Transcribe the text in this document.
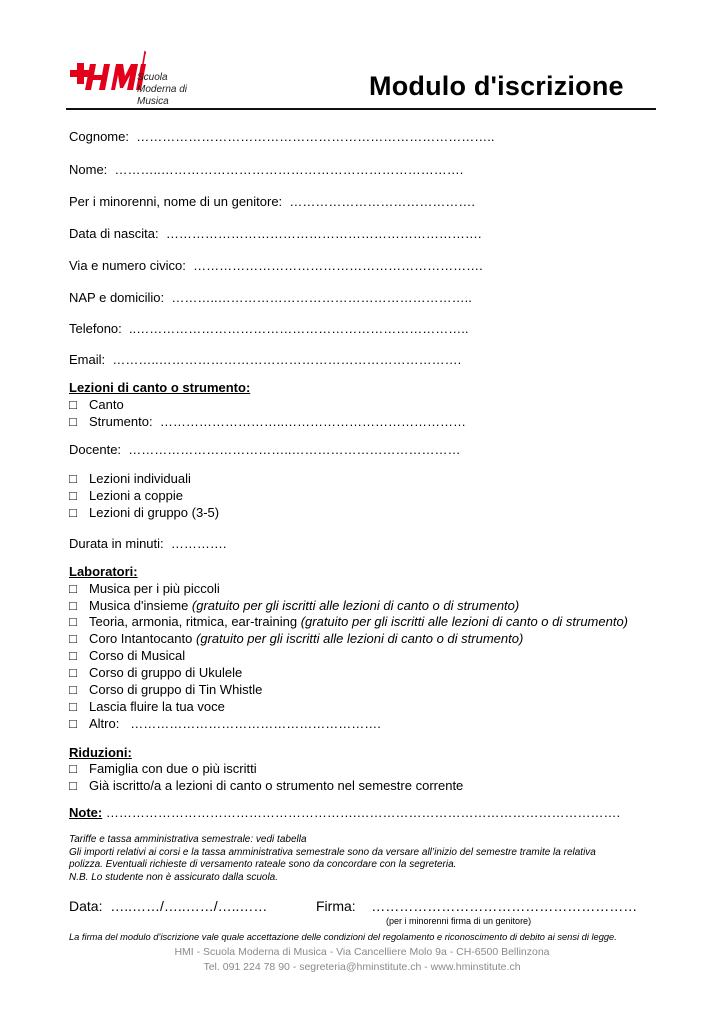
Scuola
Moderna di
Musica
Modulo d'iscrizione
Cognome: ………………………………………………………………………..
Nome: ………..…………………………………………………………….
Per i minorenni, nome di un genitore: …………………………………….
Data di nascita: ……………………………………………………………….
Via e numero civico: ………………………………………………………….
NAP e domicilio: ………..…………………………………………………..
Telefono: ..…………………………………………………………………..
Email: ………..…………………………………………………………….
Lezioni di canto o strumento:
□ Canto
□ Strumento: ………………………..……………………………………
Docente: ………………………………..…………………………………
□ Lezioni individuali
□ Lezioni a coppie
□ Lezioni di gruppo (3-5)
Durata in minuti: ………….
Laboratori:
□ Musica per i più piccoli
□ Musica d'insieme (gratuito per gli iscritti alle lezioni di canto o di strumento)
□ Teoria, armonia, ritmica, ear-training (gratuito per gli iscritti alle lezioni di canto o di strumento)
□ Coro Intantocanto (gratuito per gli iscritti alle lezioni di canto o di strumento)
□ Corso di Musical
□ Corso di gruppo di Ukulele
□ Corso di gruppo di Tin Whistle
□ Lascia fluire la tua voce
□ Altro: ………………………………………………….
Riduzioni:
□ Famiglia con due o più iscritti
□ Già iscritto/a a lezioni di canto o strumento nel semestre corrente
Note: ………………………………………………….…………………………………………………….
Tariffe e tassa amministrativa semestrale: vedi tabella
Gli importi relativi ai corsi e la tassa amministrativa semestrale sono da versare all’inizio del semestre tramite la relativa
polizza. Eventuali richieste di versamento rateale sono da concordare con la segreteria.
N.B. Lo studente non è assicurato dalla scuola.
Data: …..……/…..……/…..……	Firma: …………………………………………………
(per i minorenni firma di un genitore)
La firma del modulo d’iscrizione vale quale accettazione delle condizioni del regolamento e riconoscimento di debito ai sensi di legge.
HMI - Scuola Moderna di Musica - Via Cancelliere Molo 9a - CH-6500 Bellinzona
Tel. 091 224 78 90 - segreteria@hminstitute.ch - www.hminstitute.ch
